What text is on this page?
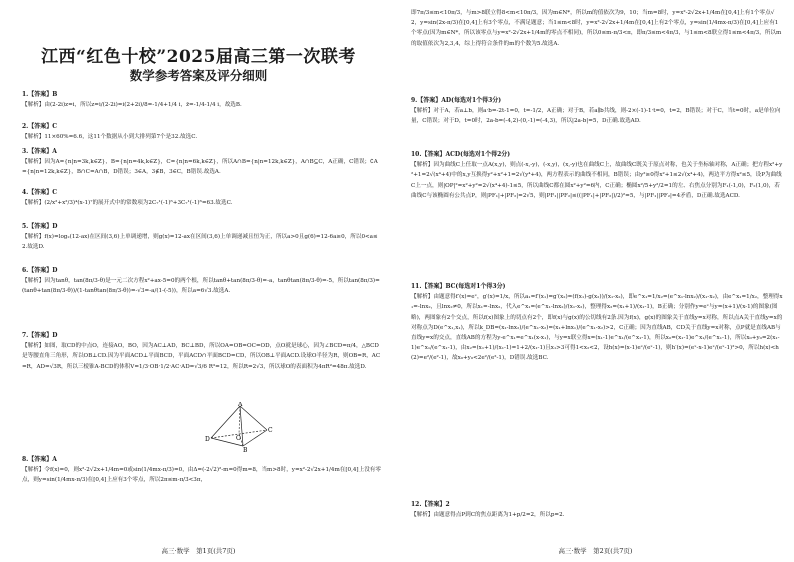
江西“红色十校”2025届高三第一次联考
数学参考答案及评分细则
1.【答案】B
【解析】由(2-2i)z=i，所以z=i/(2-2i)=i(2+2i)/8=-1/4+1/4 i，z̄=-1/4-1/4 i，故选B.
2.【答案】C
【解析】11×60%=6.6，这11个数据从小到大排列第7个是32.故选C.
3.【答案】A
【解析】因为A={n|n=3k,k∈Z}，B={n|n=4k,k∈Z}，C={n|n=6k,k∈Z}，所以A∩B={n|n=12k,k∈Z}，A∩B⊆C，A正确，C错误；∁A={n|n=12k,k∈Z}，B∩C=A∩B，D错误；3∈A，3∉B，3∈C，B错误.故选A.
4.【答案】C
【解析】(2/x²+x²/3)⁴(x-1)⁷的展开式中的常数项为2C₇¹(-1)⁶+3C₇¹(-1)⁶=63.故选C.
5.【答案】D
【解析】f(x)=log₂(12-ax)在区间(3,6)上单调递增，则g(x)=12-ax在区间(3,6)上单调递减且恒为正，所以a>0且g(6)=12-6a≥0，所以0<a≤2.故选D.
6.【答案】D
【解析】因为tanθ，tan(8π/3-θ)是一元二次方程x²+ax-5=0的两个根，所以tanθ+tan(8π/3-θ)=-a，tanθtan(8π/3-θ)=-5，所以tan(8π/3)=(tanθ+tan(8π/3-θ))/(1-tanθtan(8π/3-θ))=-√3=-a/(1-(-5))，所以a=6√3.故选A.
7.【答案】D
【解析】如图，取CD的中点O，连接AO，BO，因为AC⊥AD，BC⊥BD，所以OA=OB=OC=OD，点O就是球心，因为∠BCD=π/4，△BCD是等腰直角三角形，所以OB⊥CD.因为平面ACD⊥平面BCD，平面ACD∩平面BCD=CD，所以OB⊥平面ACD.设球O半径为R，则OB=R，AC=R，AD=√3R，所以三棱锥A-BCD的体积V=1/3·OB·1/2·AC·AD=√3/6 R³=12，所以R=2√3，所以球O的表面积为4πR²=48π.故选D.
A
B
C
D	O
8.【答案】A
【解析】令f(x)=0，则x²-2√2x+1/4m=0或sin(1/4mx-π/3)=0，由Δ=(-2√2)²-m=0得m=8，当m>8时，y=x²-2√2x+1/4m在[0,4]上没有零点，则y=sin(1/4mx-π/3)在[0,4]上应有3个零点，所以2π≤m-π/3<3π，
高三·数学　第1页(共7页)
即7π/3≤m<10π/3，与m>8联立得8<m<10π/3，因为m∈N*，所以m的值依次为9，10；当m=8时，y=x²-2√2x+1/4m在[0,4]上有1个零点√2，y=sin(2x-π/3)在[0,4]上有3个零点，不满足题意；当1≤m<8时，y=x²-2√2x+1/4m在[0,4]上有2个零点，y=sin(1/4mx-π/3)在[0,4]上应有1个零点(因为m∈N*，所以该零点与y=x²-2√2x+1/4m的零点不相同)，所以0≤m-π/3<π，即π/3≤m<4π/3，与1≤m<8联立得1≤m<4π/3，所以m的取值依次为2,3,4，综上得符合条件的m的个数为5.故选A.
9.【答案】AD(每选对1个得3分)
【解析】对于A，若a⊥b，则a·b=-2t-1=0，t=-1/2，A正确；对于B，若a∥b共线，则-2×(-1)-1·t=0，t=2，B错误；对于C，当t=0时，a是单位向量，C错误；对于D，t=0时，2a-b=(-4,2)-(0,-1)=(-4,3)，所以|2a-b|=5，D正确.故选AD.
10.【答案】ACD(每选对1个得2分)
【解析】因为曲线C上任取一点A(x,y)，则点(-x,-y)，(-x,y)，(x,-y)也在曲线C上，故曲线C既关于原点对称，也关于坐标轴对称，A正确；把方程x²+y²+1=2√(x⁴+4)中的x,y互换得y²+x²+1=2√(y⁴+4)，两方程表示的曲线不相同，B错误；由y²≥0得x²+1≤2√(x⁴+4)，两边平方得x²≤5，设P为曲线C上一点，则|OP|²=x²+y²=2√(x⁴+4)-1≤5，所以曲线C都在圆x²+y²=6内，C正确；椭圆x²/5+y²/2=1的左、右焦点分别为F₁(-1,0)，F₂(1,0)，若曲线C与该椭圆有公共点P，则|PF₁|+|PF₂|=2√5，则|PF₁||PF₂|≤((|PF₁|+|PF₂|)/2)²=5，与|PF₁||PF₂|=4矛盾，D正确.故选ACD.
11.【答案】BC(每选对1个得3分)
【解析】由题意得f′(x)=eˣ，g′(x)=1/x，所以a₁=f′(x₁)=g′(x₂)=(f(x₁)-g(x₂))/(x₁-x₂)，即e^x₁=1/x₂=(e^x₁-lnx₂)/(x₁-x₂)，由e^x₁=1/x₂，整理得x₁=-lnx₂，且lnx₂≠0，所以x₁=-lnx₂，代入e^x₁=(e^x₁-lnx₂)/(x₁-x₂)，整理得x₂=(x₁+1)/(x₁-1)，B正确；分别作y=eˣ与y=(x+1)/(x-1)的图象(图略)，两图象有2个交点，所以f(x)图象上的切点有2个，即f(x)与g(x)的公切线有2条.因为f(x)，g(x)的图象关于直线y=x对称，所以点A关于直线y=x的对称点为D(e^x₁,x₁)，所以k_DB=(x₁-lnx₂)/(e^x₁-x₂)=(x₁+lnx₁)/(e^x₁-x₂)>2，C正确；因为直线AB，CD关于直线y=x对称，点P就是直线AB与直线y=x的交点，直线AB的方程为y-e^x₁=e^x₁(x-x₁)，与y=x联立得x=(x₁-1)e^x₁/(e^x₁-1)，所以x₀=(x₁-1)e^x₁/(e^x₁-1)，所以x₀+y₀=2(x₁-1)e^x₁/(e^x₁-1)，由x₂=(x₁+1)/(x₁-1)=1+2/(x₁-1)且x₁>3可得1<x₂<2，设h(x)=(x-1)eˣ/(eˣ-1)，则h′(x)=(eˣ-x-1)eˣ/(eˣ-1)²>0，所以h(x)<h(2)=e²/(e²-1)，故x₀+y₀<2e²/(e²-1)，D错误.故选BC.
12.【答案】2
【解析】由题意得点P到C的焦点距离为1+p/2=2，所以p=2.
高三·数学　第2页(共7页)
